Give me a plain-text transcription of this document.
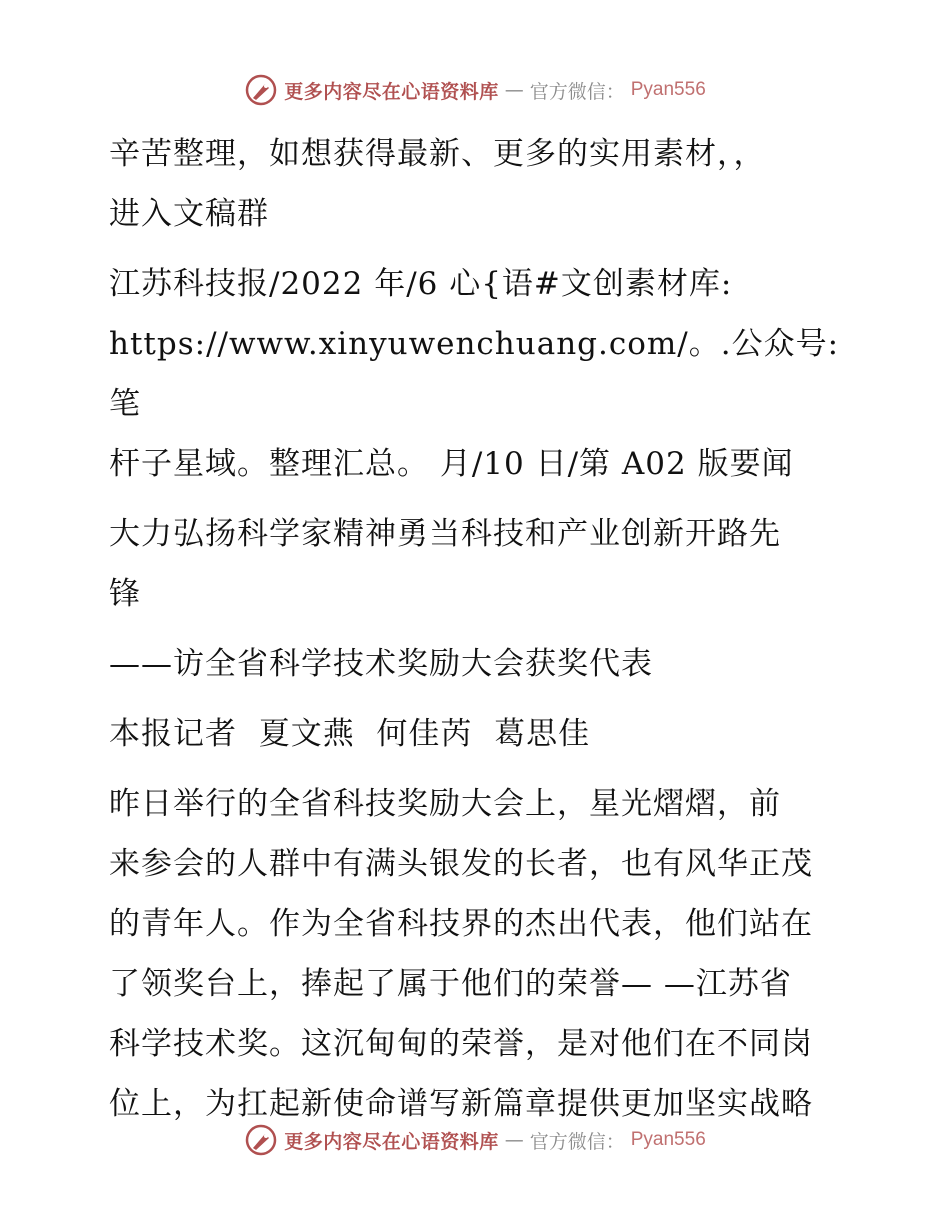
更多内容尽在心语资料库 — 官方微信： Pyan556

辛苦整理，如想获得最新、更多的实用素材，，
进入文稿群

江苏科技报/2022 年/6 心{语#文创素材库:
https://www.xinyuwenchuang.com/。.公众号: 笔
杆子星域。整理汇总。 月/10 日/第 A02 版要闻

大力弘扬科学家精神勇当科技和产业创新开路先
锋

——访全省科学技术奖励大会获奖代表

本报记者  夏文燕  何佳芮  葛思佳

昨日举行的全省科技奖励大会上，星光熠熠，前
来参会的人群中有满头银发的长者，也有风华正茂
的青年人。作为全省科技界的杰出代表，他们站在
了领奖台上，捧起了属于他们的荣誉— —江苏省
科学技术奖。这沉甸甸的荣誉，是对他们在不同岗
位上，为扛起新使命谱写新篇章提供更加坚实战略

更多内容尽在心语资料库 — 官方微信： Pyan556
